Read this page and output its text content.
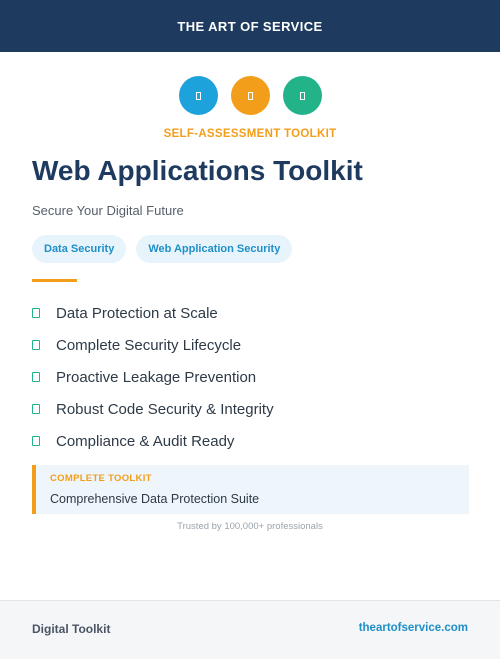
THE ART OF SERVICE
SELF-ASSESSMENT TOOLKIT
Web Applications Toolkit
Secure Your Digital Future
Data Security	Web Application Security
Data Protection at Scale
Complete Security Lifecycle
Proactive Leakage Prevention
Robust Code Security & Integrity
Compliance & Audit Ready
COMPLETE TOOLKIT
Comprehensive Data Protection Suite
Trusted by 100,000+ professionals
Digital Toolkit	theartofservice.com
